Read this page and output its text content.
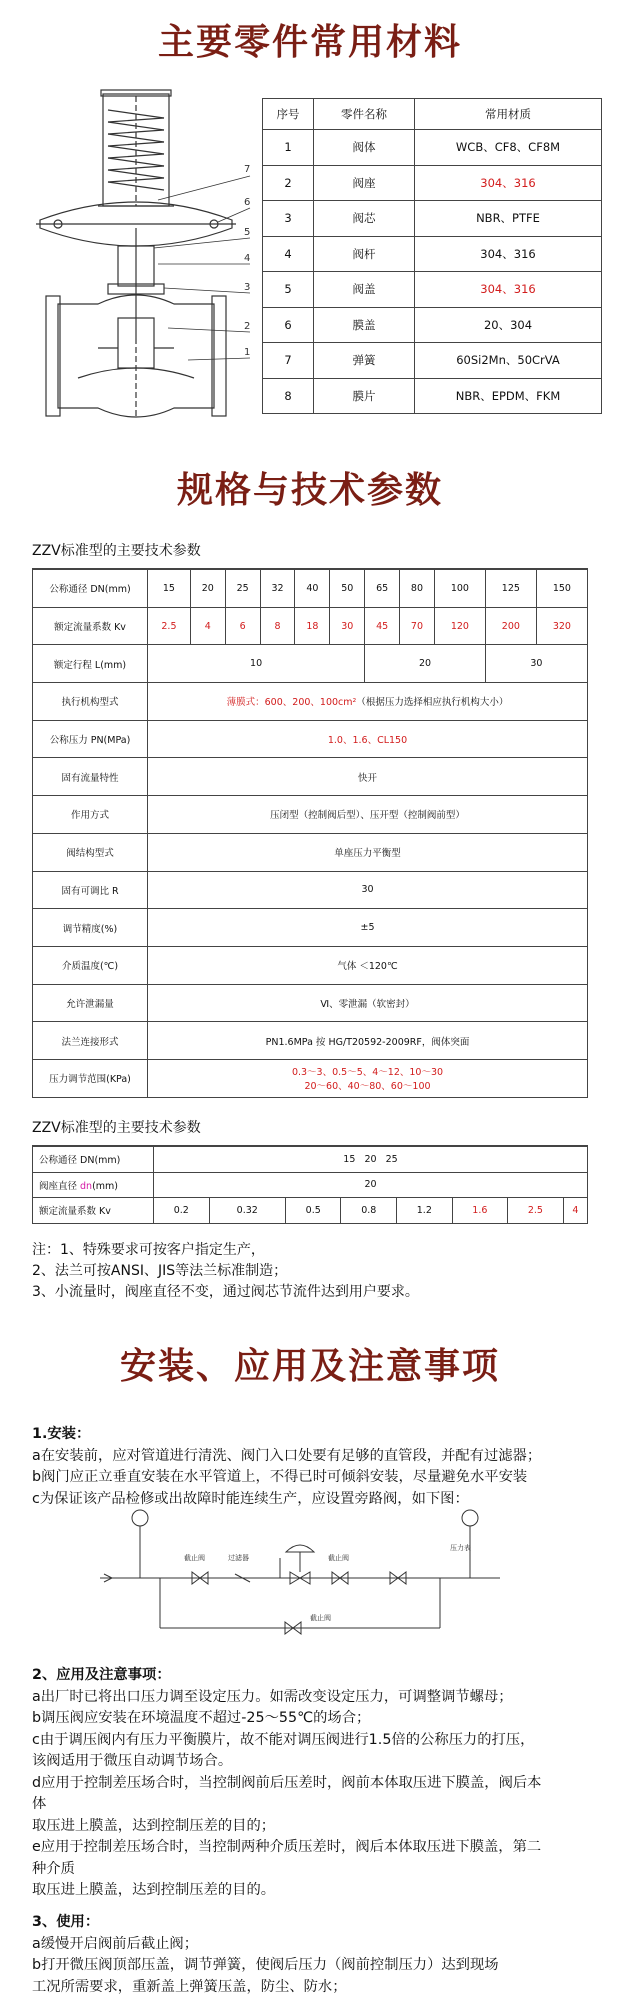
主要零件常用材料
7
6
5
4
3
2
1
序号	零件名称	常用材质
1	阀体	WCB、CF8、CF8M
2	阀座	304、316
3	阀芯	NBR、PTFE
4	阀杆	304、316
5	阀盖	304、316
6	膜盖	20、304
7	弹簧	60Si2Mn、50CrVA
8	膜片	NBR、EPDM、FKM
规格与技术参数
ZZV标准型的主要技术参数
公称通径 DN(mm)	15	20	25	32	40	50	65	80	100	125	150
额定流量系数 Kv	2.5	4	6	8	18	30	45	70	120	200	320
额定行程 L(mm)	10						20			30	
执行机构型式	薄膜式：600、200、100cm²（根据压力选择相应执行机构大小）										
公称压力 PN(MPa)	1.0、1.6、CL150										
固有流量特性	快开										
作用方式	压闭型（控制阀后型）、压开型（控制阀前型）										
阀结构型式	单座压力平衡型										
固有可调比 R	30										
调节精度(%)	±5										
介质温度(℃)	气体 ＜120℃										
允许泄漏量	Ⅵ、零泄漏（软密封）										
法兰连接形式	PN1.6MPa 按 HG/T20592-2009RF，阀体突面										
压力调节范围(KPa)	0.3～3、0.5～5、4～12、10～30
20～60、40～80、60～100										
ZZV标准型的主要技术参数
公称通径 DN(mm)	15   20   25							
阀座直径 dn(mm)	20							
额定流量系数 Kv	0.2	0.32	0.5	0.8	1.2	1.6	2.5	4
注：1、特殊要求可按客户指定生产，
2、法兰可按ANSI、JIS等法兰标准制造；
3、小流量时，阀座直径不变，通过阀芯节流件达到用户要求。
安装、应用及注意事项
1.安装：
a在安装前，应对管道进行清洗、阀门入口处要有足够的直管段，并配有过滤器；
b阀门应正立垂直安装在水平管道上，不得已时可倾斜安装，尽量避免水平安装
c为保证该产品检修或出故障时能连续生产，应设置旁路阀，如下图：
截止阀	过滤器	截止阀
截止阀
压力表
2、应用及注意事项：
a出厂时已将出口压力调至设定压力。如需改变设定压力，可调整调节螺母；
b调压阀应安装在环境温度不超过-25～55℃的场合；
c由于调压阀内有压力平衡膜片，故不能对调压阀进行1.5倍的公称压力的打压，
该阀适用于微压自动调节场合。
d应用于控制差压场合时，当控制阀前后压差时，阀前本体取压进下膜盖，阀后本
体
取压进上膜盖，达到控制压差的目的；
e应用于控制差压场合时，当控制两种介质压差时，阀后本体取压进下膜盖，第二
种介质
取压进上膜盖，达到控制压差的目的。
3、使用：
a缓慢开启阀前后截止阀；
b打开微压阀顶部压盖，调节弹簧，使阀后压力（阀前控制压力）达到现场
工况所需要求，重新盖上弹簧压盖，防尘、防水；
